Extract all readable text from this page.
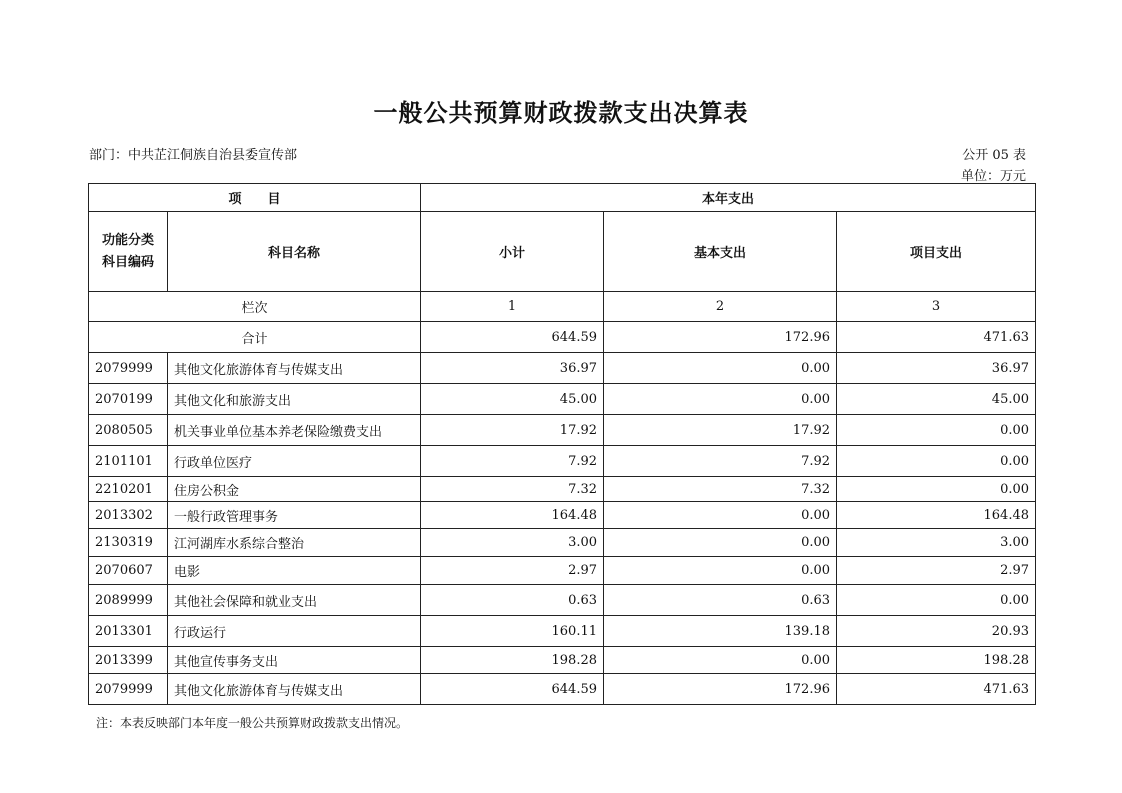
一般公共预算财政拨款支出决算表
部门：中共芷江侗族自治县委宣传部	公开 05 表
单位：万元
项　　目		本年支出		
功能分类
科目编码	科目名称	小计	基本支出	项目支出
栏次		1	2	3
合计		644.59	172.96	471.63
2079999	其他文化旅游体育与传媒支出	36.97	0.00	36.97
2070199	其他文化和旅游支出	45.00	0.00	45.00
2080505	机关事业单位基本养老保险缴费支出	17.92	17.92	0.00
2101101	行政单位医疗	7.92	7.92	0.00
2210201	住房公积金	7.32	7.32	0.00
2013302	一般行政管理事务	164.48	0.00	164.48
2130319	江河湖库水系综合整治	3.00	0.00	3.00
2070607	电影	2.97	0.00	2.97
2089999	其他社会保障和就业支出	0.63	0.63	0.00
2013301	行政运行	160.11	139.18	20.93
2013399	其他宣传事务支出	198.28	0.00	198.28
2079999	其他文化旅游体育与传媒支出	644.59	172.96	471.63
注：本表反映部门本年度一般公共预算财政拨款支出情况。
